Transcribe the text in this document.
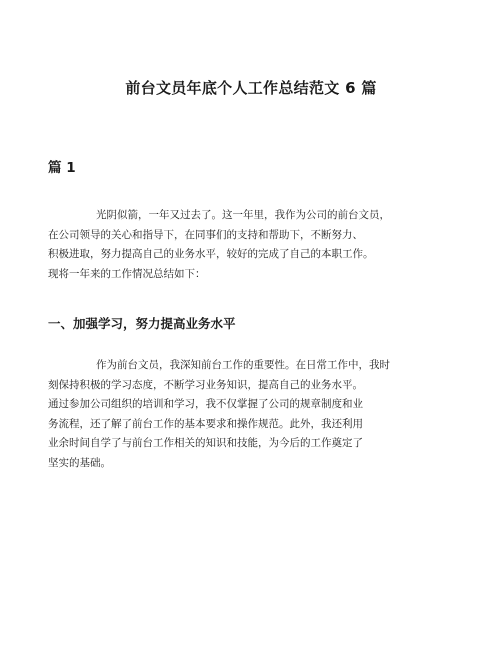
前台文员年底个人工作总结范文 6 篇
篇 1

光阴似箭，一年又过去了。这一年里，我作为公司的前台文员，
在公司领导的关心和指导下，在同事们的支持和帮助下，不断努力、
积极进取，努力提高自己的业务水平，较好的完成了自己的本职工作。
现将一年来的工作情况总结如下：

一、加强学习，努力提高业务水平

作为前台文员，我深知前台工作的重要性。在日常工作中，我时
刻保持积极的学习态度，不断学习业务知识，提高自己的业务水平。
通过参加公司组织的培训和学习，我不仅掌握了公司的规章制度和业
务流程，还了解了前台工作的基本要求和操作规范。此外，我还利用
业余时间自学了与前台工作相关的知识和技能，为今后的工作奠定了
坚实的基础。
